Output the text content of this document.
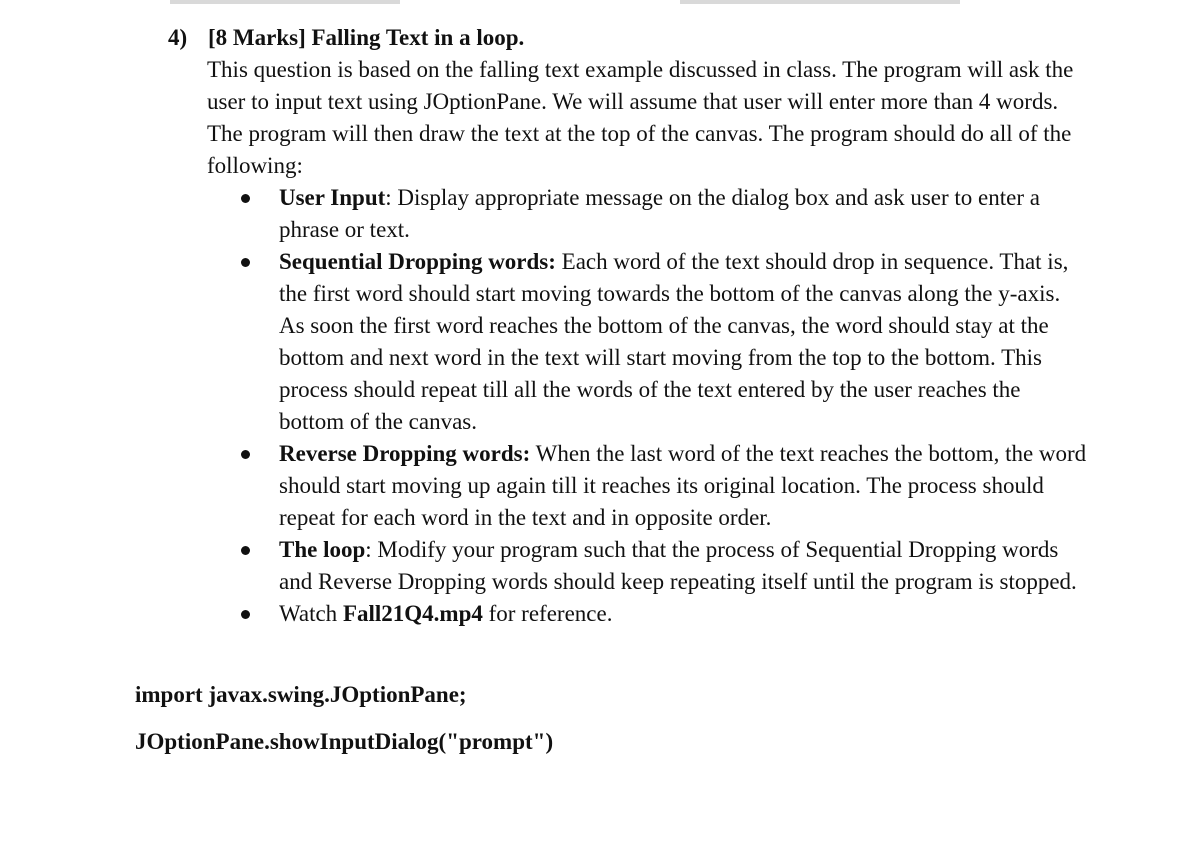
4) [8 Marks] Falling Text in a loop.

This question is based on the falling text example discussed in class. The program will ask the user to input text using JOptionPane. We will assume that user will enter more than 4 words. The program will then draw the text at the top of the canvas. The program should do all of the following:

User Input: Display appropriate message on the dialog box and ask user to enter a phrase or text.
Sequential Dropping words: Each word of the text should drop in sequence. That is, the first word should start moving towards the bottom of the canvas along the y-axis. As soon the first word reaches the bottom of the canvas, the word should stay at the bottom and next word in the text will start moving from the top to the bottom. This process should repeat till all the words of the text entered by the user reaches the bottom of the canvas.
Reverse Dropping words: When the last word of the text reaches the bottom, the word should start moving up again till it reaches its original location. The process should repeat for each word in the text and in opposite order.
The loop: Modify your program such that the process of Sequential Dropping words and Reverse Dropping words should keep repeating itself until the program is stopped.
Watch Fall21Q4.mp4 for reference.
import javax.swing.JOptionPane;
JOptionPane.showInputDialog("prompt")
